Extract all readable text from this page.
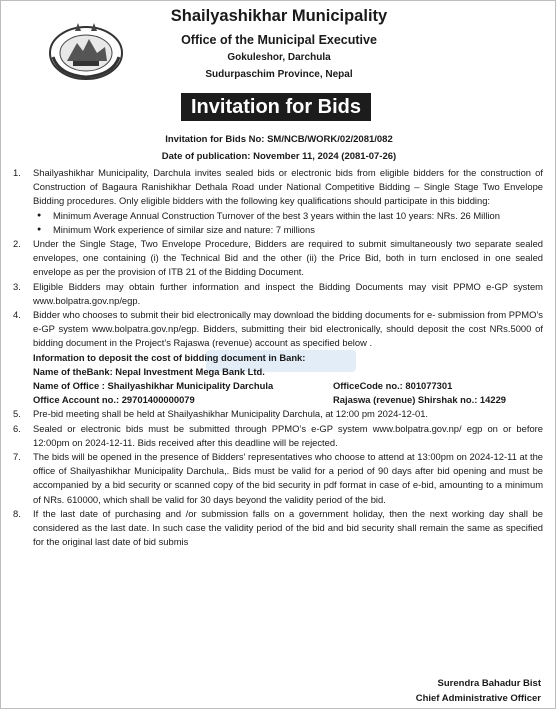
Shailyashikhar Municipality
Office of the Municipal Executive
Gokuleshor, Darchula
Sudurpaschim Province, Nepal
Invitation for Bids
Invitation for Bids No: SM/NCB/WORK/02/2081/082
Date of publication: November 11, 2024 (2081-07-26)
1. Shailyashikhar Municipality, Darchula invites sealed bids or electronic bids from eligible bidders for the construction of Construction of Bagaura Ranishikhar Dethala Road under National Competitive Bidding – Single Stage Two Envelope Bidding procedures. Only eligible bidders with the following key qualifications should participate in this bidding:
● Minimum Average Annual Construction Turnover of the best 3 years within the last 10 years: NRs. 26 Million
● Minimum Work experience of similar size and nature: 7 millions
2. Under the Single Stage, Two Envelope Procedure, Bidders are required to submit simultaneously two separate sealed envelopes, one containing (i) the Technical Bid and the other (ii) the Price Bid, both in turn enclosed in one sealed envelope as per the provision of ITB 21 of the Bidding Document.
3. Eligible Bidders may obtain further information and inspect the Bidding Documents may visit PPMO e-GP system www.bolpatra.gov.np/egp.
4. Bidder who chooses to submit their bid electronically may download the bidding documents for e- submission from PPMO’s e-GP system www.bolpatra.gov.np/egp. Bidders, submitting their bid electronically, should deposit the cost NRs.5000 of bidding document in the Project’s Rajaswa (revenue) account as specified below .
Information to deposit the cost of bidding document in Bank:
Name of theBank: Nepal Investment Mega Bank Ltd.
Name of Office : Shailyashikhar Municipality Darchula	OfficeCode no.: 801077301
Office Account no.: 29701400000079	Rajaswa (revenue) Shirshak no.: 14229
5. Pre-bid meeting shall be held at Shailyashikhar Municipality Darchula, at 12:00 pm 2024-12-01.
6. Sealed or electronic bids must be submitted through PPMO’s e-GP system www.bolpatra.gov.np/ egp on or before 12:00pm on 2024-12-11. Bids received after this deadline will be rejected.
7. The bids will be opened in the presence of Bidders' representatives who choose to attend at 13:00pm on 2024-12-11 at the office of Shailyashikhar Municipality Darchula,. Bids must be valid for a period of 90 days after bid opening and must be accompanied by a bid security or scanned copy of the bid security in pdf format in case of e-bid, amounting to a minimum of NRs. 610000, which shall be valid for 30 days beyond the validity period of the bid.
8. If the last date of purchasing and /or submission falls on a government holiday, then the next working day shall be considered as the last date. In such case the validity period of the bid and bid security shall remain the same as specified for the original last date of bid submis
Surendra Bahadur Bist
Chief Administrative Officer
